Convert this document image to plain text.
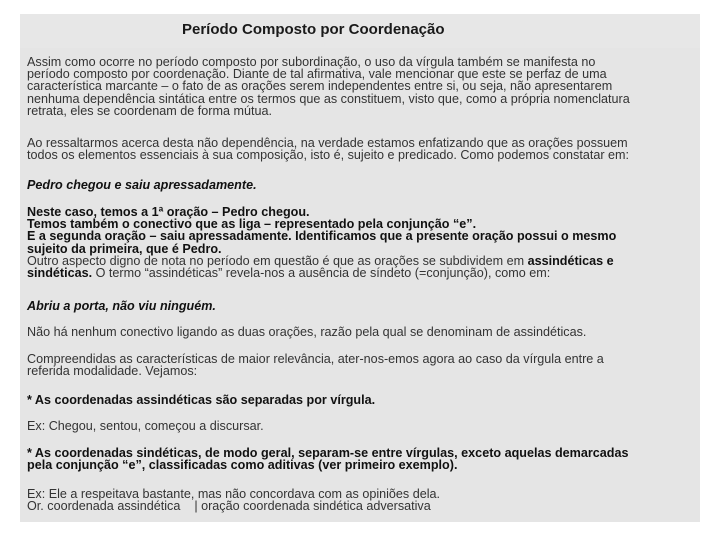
Período Composto por Coordenação
Assim como ocorre no período composto por subordinação, o uso da vírgula também se manifesta no
período composto por coordenação. Diante de tal afirmativa, vale mencionar que este se perfaz de uma
característica marcante – o fato de as orações serem independentes entre si, ou seja, não apresentarem
nenhuma dependência sintática entre os termos que as constituem, visto que, como a própria nomenclatura
retrata, eles se coordenam de forma mútua.
Ao ressaltarmos acerca desta não dependência, na verdade estamos enfatizando que as orações possuem
todos os elementos essenciais à sua composição, isto é, sujeito e predicado. Como podemos constatar em:
Pedro chegou e saiu apressadamente.
Neste caso, temos a 1ª oração – Pedro chegou.
Temos também o conectivo que as liga – representado pela conjunção “e”.
E a segunda oração – saiu apressadamente. Identificamos que a presente oração possui o mesmo
sujeito da primeira, que é Pedro.
Outro aspecto digno de nota no período em questão é que as orações se subdividem em assindéticas e
sindéticas. O termo “assindéticas” revela-nos a ausência de síndeto (=conjunção), como em:
Abriu a porta, não viu ninguém.
Não há nenhum conectivo ligando as duas orações, razão pela qual se denominam de assindéticas.
Compreendidas as características de maior relevância, ater-nos-emos agora ao caso da vírgula entre a
referida modalidade. Vejamos:
* As coordenadas assindéticas são separadas por vírgula.
Ex: Chegou, sentou, começou a discursar.
* As coordenadas sindéticas, de modo geral, separam-se entre vírgulas, exceto aquelas demarcadas
pela conjunção “e”, classificadas como aditivas (ver primeiro exemplo).
Ex: Ele a respeitava bastante, mas não concordava com as opiniões dela.
Or. coordenada assindética    | oração coordenada sindética adversativa
